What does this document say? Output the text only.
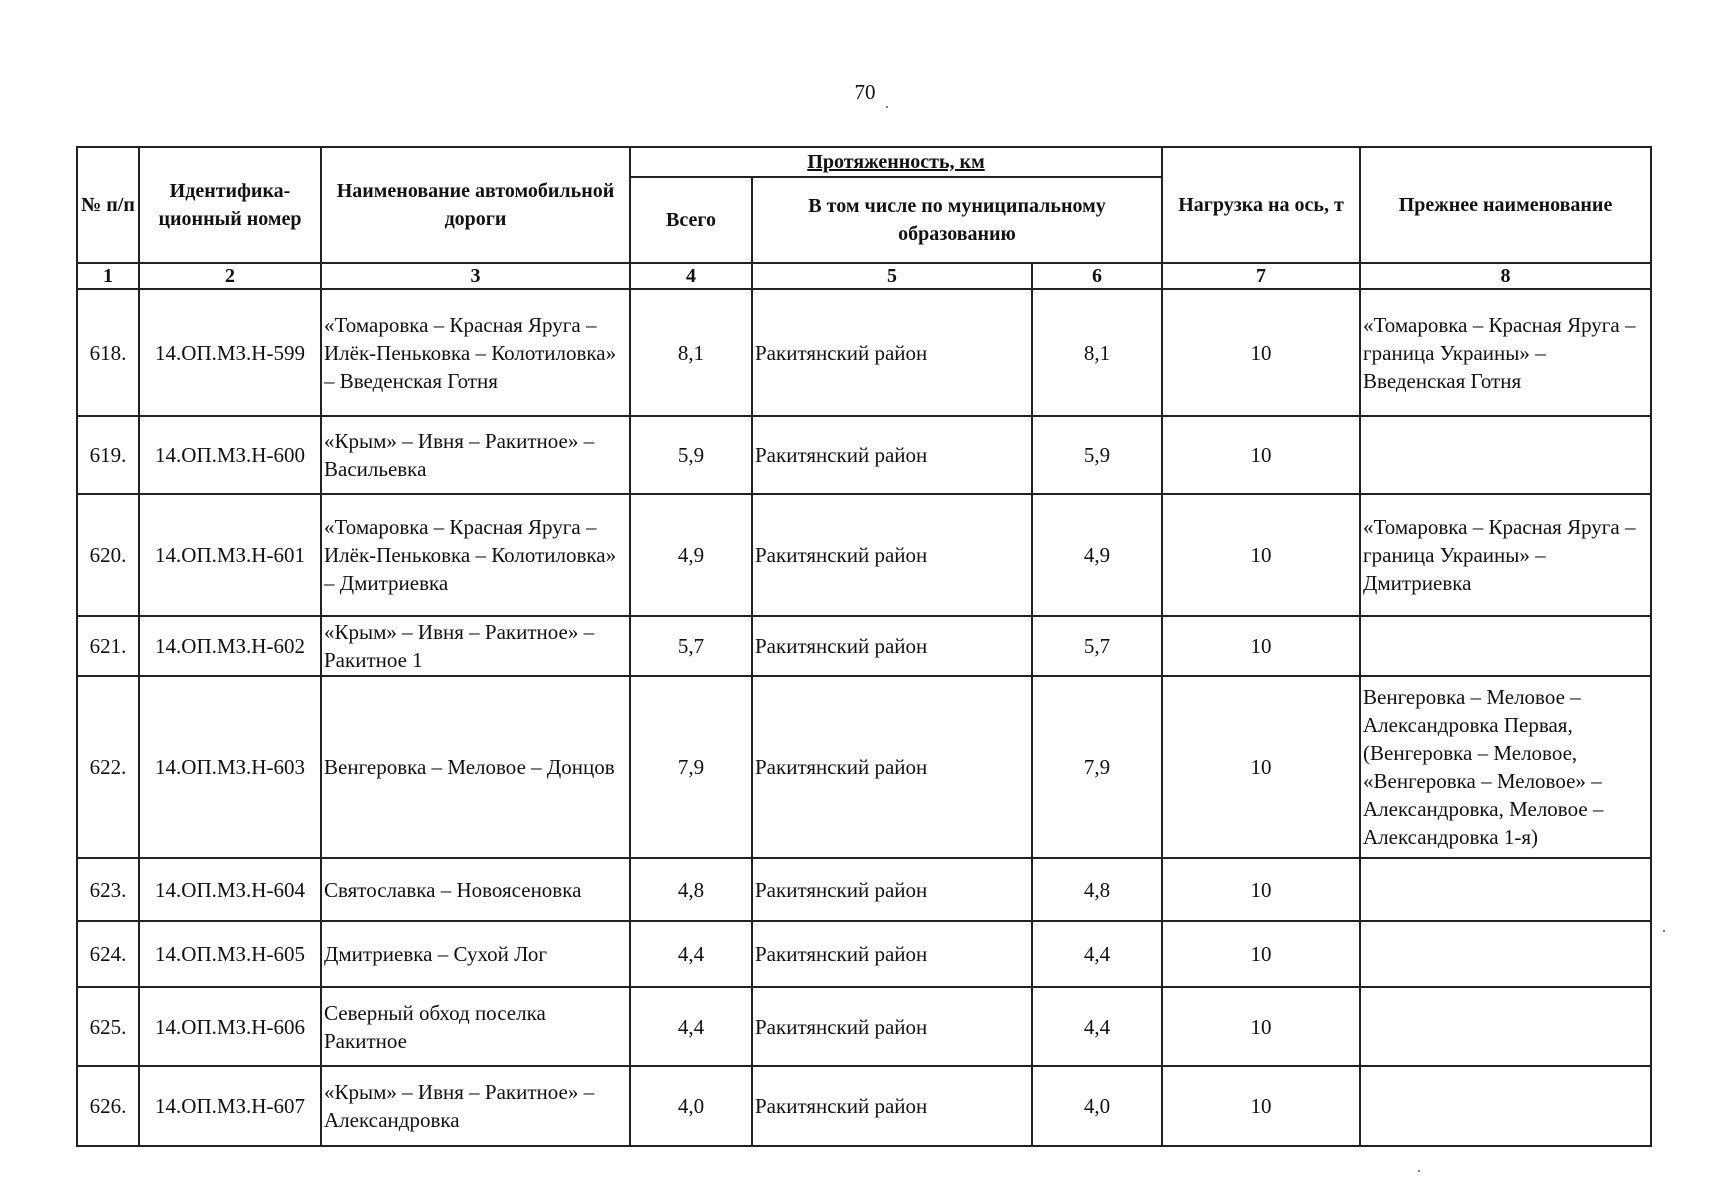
70
№ п/п	Идентифика- ционный номер	Наименование автомобильной дороги	Протяженность, км			Нагрузка на ось, т	Прежнее наименование
			Всего	В том числе по муниципальному образованию			
1	2	3	4	5	6	7	8
618.	14.ОП.МЗ.Н-599	«Томаровка – Красная Яруга – Илёк-Пеньковка – Колотиловка» – Введенская Готня	8,1	Ракитянский район	8,1	10	«Томаровка – Красная Яруга – граница Украины» – Введенская Готня
619.	14.ОП.МЗ.Н-600	«Крым» – Ивня – Ракитное» – Васильевка	5,9	Ракитянский район	5,9	10	
620.	14.ОП.МЗ.Н-601	«Томаровка – Красная Яруга – Илёк-Пеньковка – Колотиловка» – Дмитриевка	4,9	Ракитянский район	4,9	10	«Томаровка – Красная Яруга – граница Украины» – Дмитриевка
621.	14.ОП.МЗ.Н-602	«Крым» – Ивня – Ракитное» – Ракитное 1	5,7	Ракитянский район	5,7	10	
622.	14.ОП.МЗ.Н-603	Венгеровка – Меловое – Донцов	7,9	Ракитянский район	7,9	10	Венгеровка – Меловое – Александровка Первая, (Венгеровка – Меловое, «Венгеровка – Меловое» – Александровка, Меловое – Александровка 1-я)
623.	14.ОП.МЗ.Н-604	Святославка – Новоясеновка	4,8	Ракитянский район	4,8	10	
624.	14.ОП.МЗ.Н-605	Дмитриевка – Сухой Лог	4,4	Ракитянский район	4,4	10	
625.	14.ОП.МЗ.Н-606	Северный обход поселка Ракитное	4,4	Ракитянский район	4,4	10	
626.	14.ОП.МЗ.Н-607	«Крым» – Ивня – Ракитное» – Александровка	4,0	Ракитянский район	4,0	10	
